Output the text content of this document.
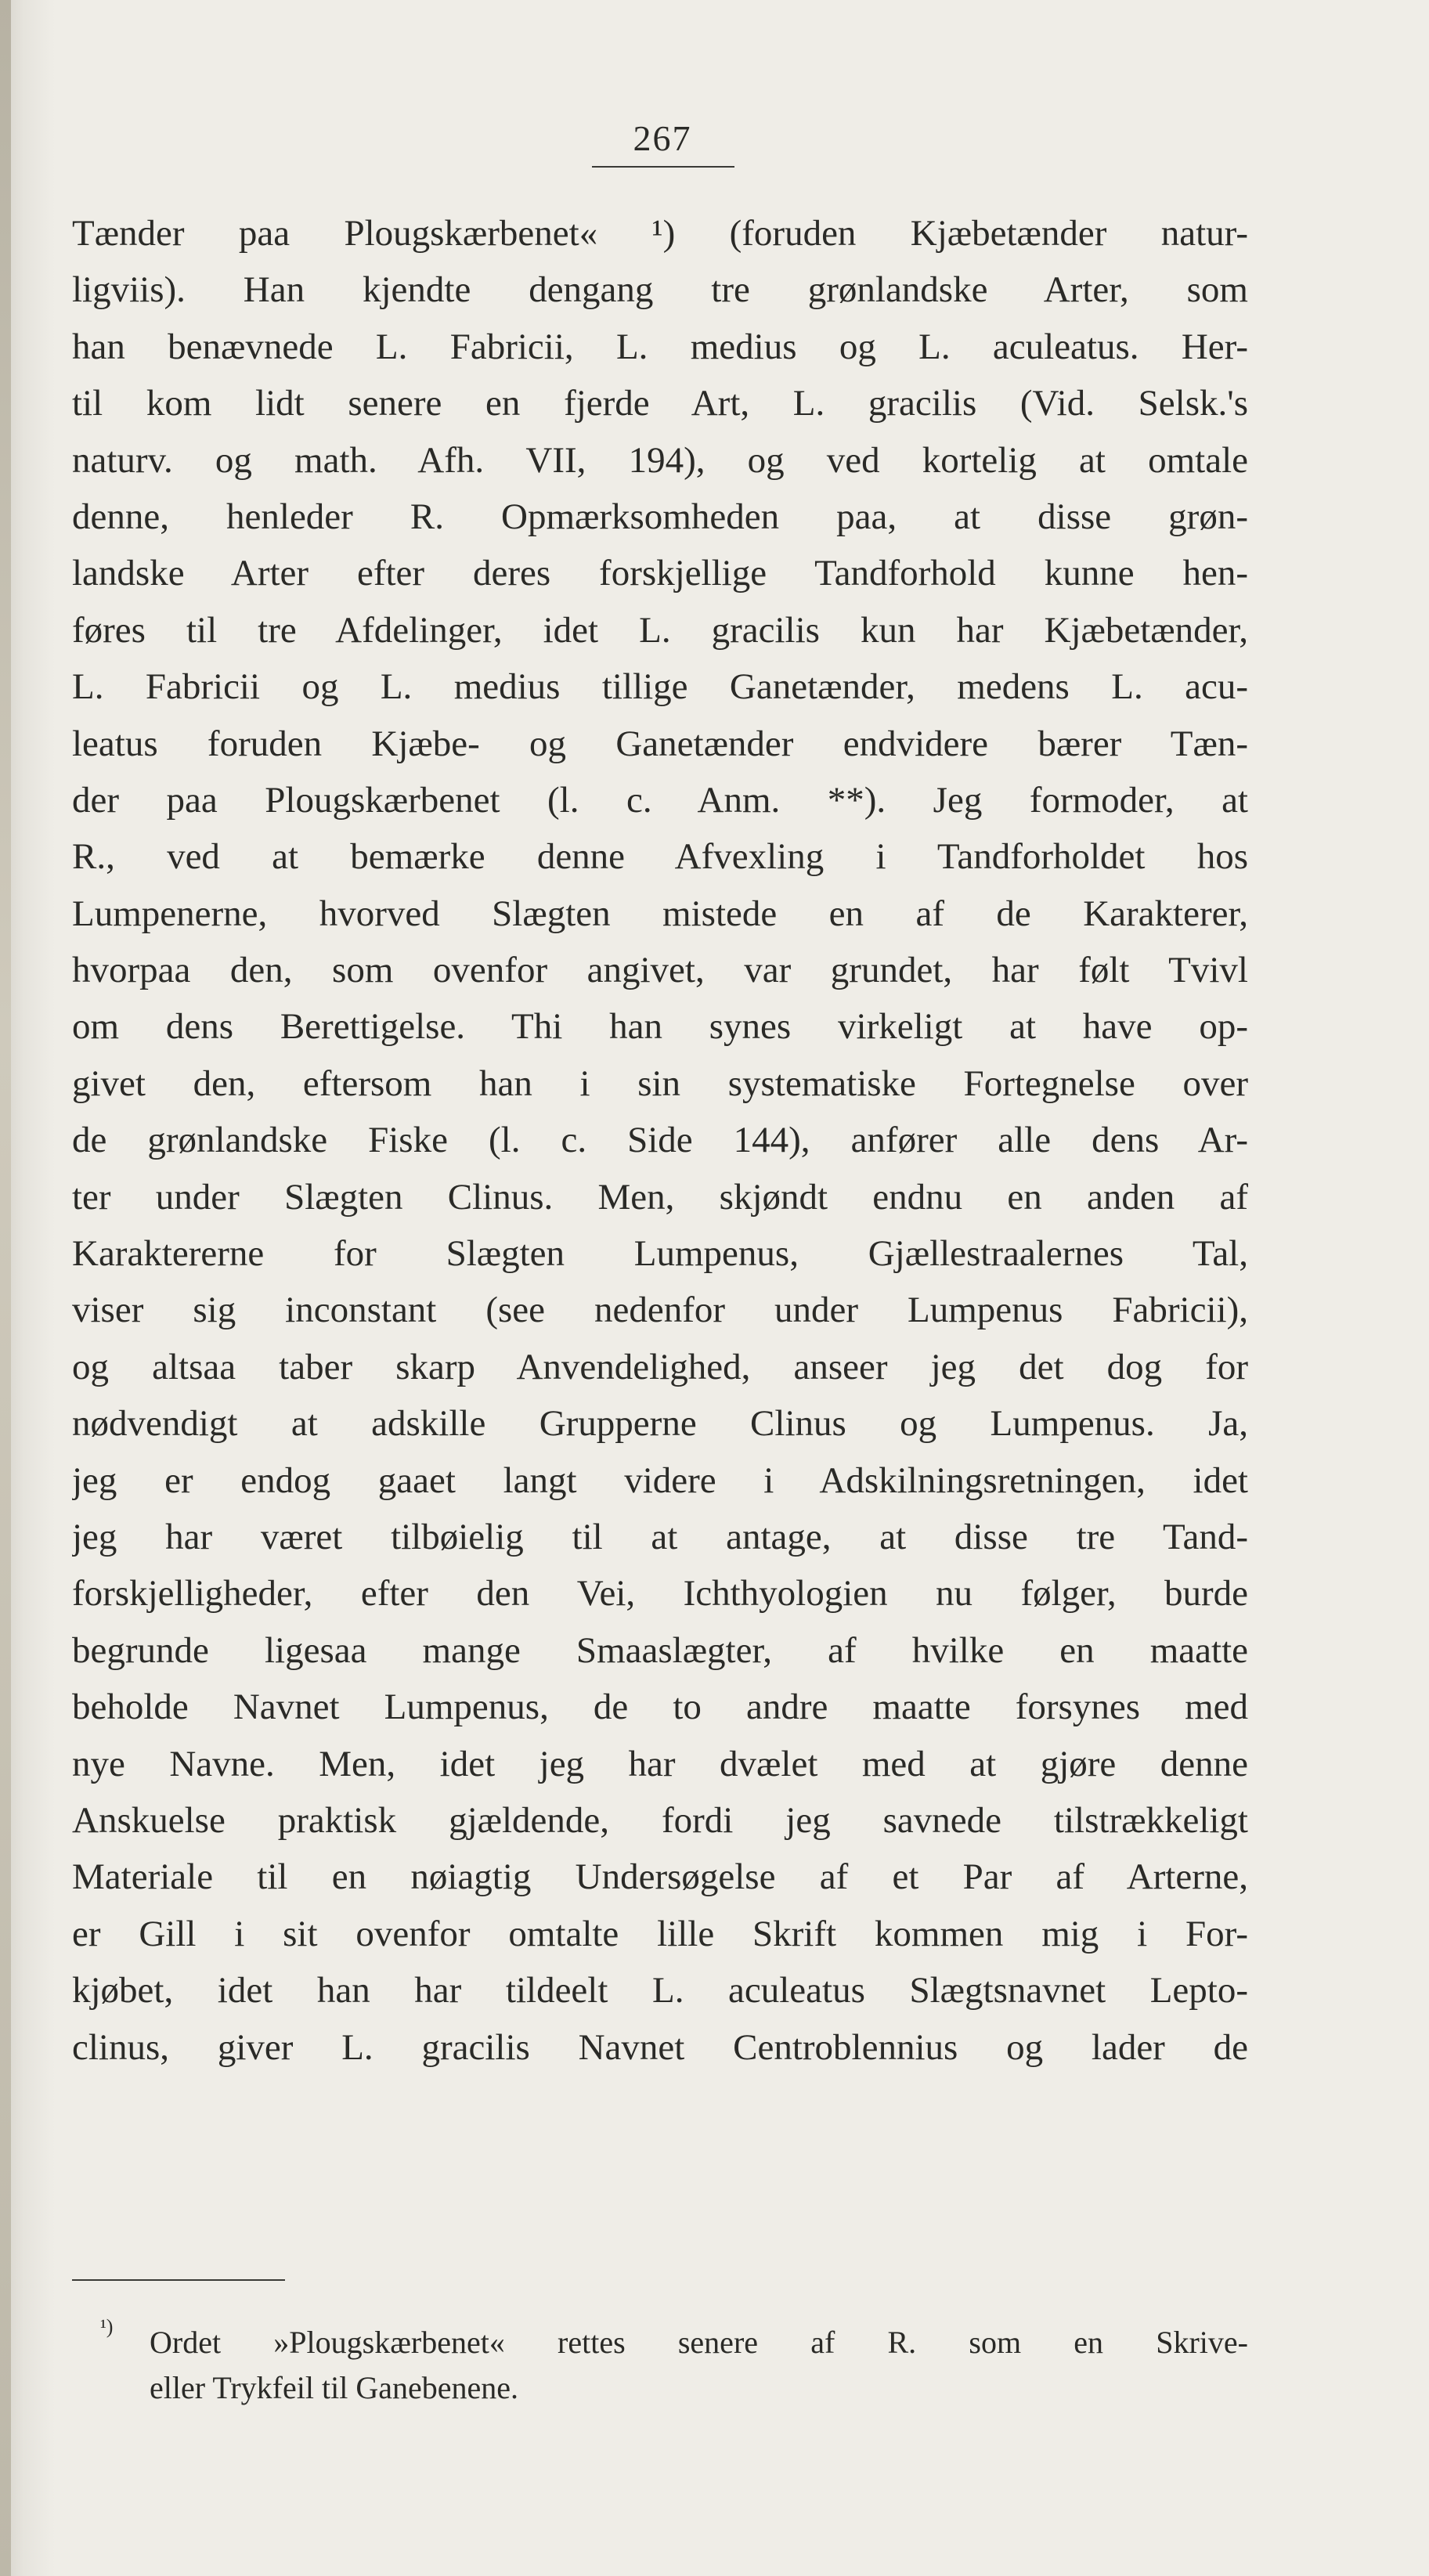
267
Tænder paa Plougskærbenet« ¹) (foruden Kjæbetænder natur-
ligviis). Han kjendte dengang tre grønlandske Arter, som
han benævnede L. Fabricii, L. medius og L. aculeatus. Her-
til kom lidt senere en fjerde Art, L. gracilis (Vid. Selsk.'s
naturv. og math. Afh. VII, 194), og ved kortelig at omtale
denne, henleder R. Opmærksomheden paa, at disse grøn-
landske Arter efter deres forskjellige Tandforhold kunne hen-
føres til tre Afdelinger, idet L. gracilis kun har Kjæbetænder,
L. Fabricii og L. medius tillige Ganetænder, medens L. acu-
leatus foruden Kjæbe- og Ganetænder endvidere bærer Tæn-
der paa Plougskærbenet (l. c. Anm. **). Jeg formoder, at
R., ved at bemærke denne Afvexling i Tandforholdet hos
Lumpenerne, hvorved Slægten mistede en af de Karakterer,
hvorpaa den, som ovenfor angivet, var grundet, har følt Tvivl
om dens Berettigelse. Thi han synes virkeligt at have op-
givet den, eftersom han i sin systematiske Fortegnelse over
de grønlandske Fiske (l. c. Side 144), anfører alle dens Ar-
ter under Slægten Clinus. Men, skjøndt endnu en anden af
Karaktererne for Slægten Lumpenus, Gjællestraalernes Tal,
viser sig inconstant (see nedenfor under Lumpenus Fabricii),
og altsaa taber skarp Anvendelighed, anseer jeg det dog for
nødvendigt at adskille Grupperne Clinus og Lumpenus. Ja,
jeg er endog gaaet langt videre i Adskilningsretningen, idet
jeg har været tilbøielig til at antage, at disse tre Tand-
forskjelligheder, efter den Vei, Ichthyologien nu følger, burde
begrunde ligesaa mange Smaaslægter, af hvilke en maatte
beholde Navnet Lumpenus, de to andre maatte forsynes med
nye Navne. Men, idet jeg har dvælet med at gjøre denne
Anskuelse praktisk gjældende, fordi jeg savnede tilstrækkeligt
Materiale til en nøiagtig Undersøgelse af et Par af Arterne,
er Gill i sit ovenfor omtalte lille Skrift kommen mig i For-
kjøbet, idet han har tildeelt L. aculeatus Slægtsnavnet Lepto-
clinus, giver L. gracilis Navnet Centroblennius og lader de
¹)	Ordet »Plougskærbenet« rettes senere af R. som en Skrive-
eller Trykfeil til Ganebenene.
